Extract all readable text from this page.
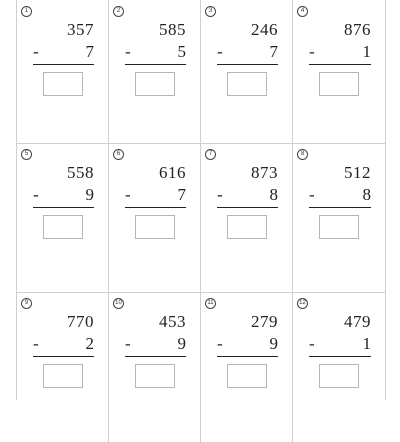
1
357
-	7
2
585
-	5
3
246
-	7
4
876
-	1
5
558
-	9
6
616
-	7
7
873
-	8
8
512
-	8
9
770
-	2
10
453
-	9
11
279
-	9
12
479
-	1
